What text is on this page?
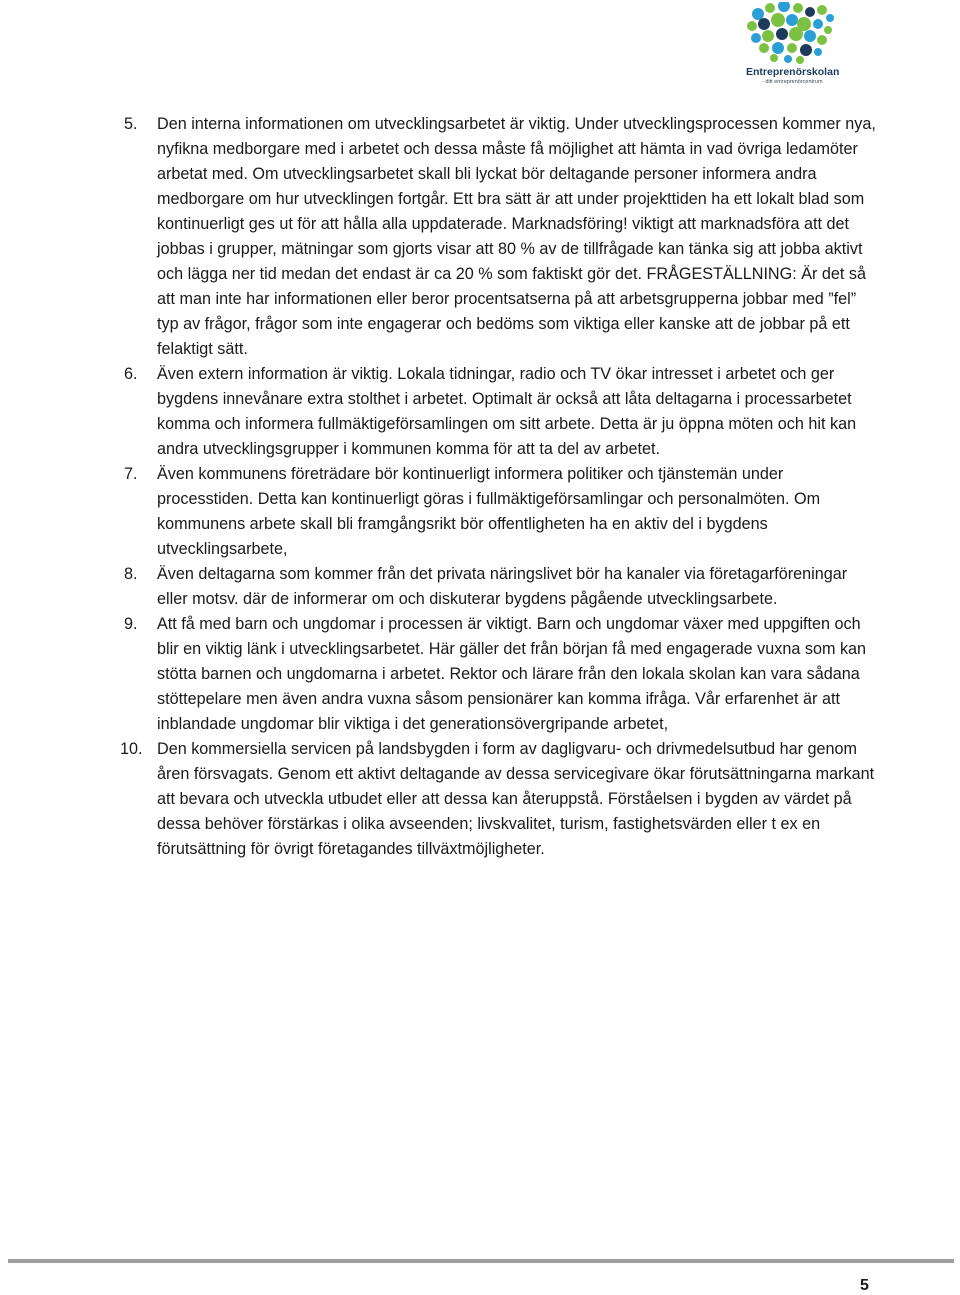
Entreprenörskolan
- ditt entreprenörcentrum
5. Den interna informationen om utvecklingsarbetet är viktig. Under utvecklingsprocessen kommer nya, nyfikna medborgare med i arbetet och dessa måste få möjlighet att hämta in vad övriga ledamöter arbetat med. Om utvecklingsarbetet skall bli lyckat bör deltagande personer informera andra medborgare om hur utvecklingen fortgår. Ett bra sätt är att under projekttiden ha ett lokalt blad som kontinuerligt ges ut för att hålla alla uppdaterade. Marknadsföring! viktigt att marknadsföra att det jobbas i grupper, mätningar som gjorts visar att 80 % av de tillfrågade kan tänka sig att jobba aktivt och lägga ner tid medan det endast är ca 20 % som faktiskt gör det. FRÅGESTÄLLNING: Är det så att man inte har informationen eller beror procentsatserna på att arbetsgrupperna jobbar med ”fel” typ av frågor, frågor som inte engagerar och bedöms som viktiga eller kanske att de jobbar på ett felaktigt sätt.
6. Även extern information är viktig. Lokala tidningar, radio och TV ökar intresset i arbetet och ger bygdens innevånare extra stolthet i arbetet. Optimalt är också att låta deltagarna i processarbetet komma och informera fullmäktigeförsamlingen om sitt arbete. Detta är ju öppna möten och hit kan andra utvecklingsgrupper i kommunen komma för att ta del av arbetet.
7. Även kommunens företrädare bör kontinuerligt informera politiker och tjänstemän under processtiden. Detta kan kontinuerligt göras i fullmäktigeförsamlingar och personalmöten. Om kommunens arbete skall bli framgångsrikt bör offentligheten ha en aktiv del i bygdens utvecklingsarbete,
8. Även deltagarna som kommer från det privata näringslivet bör ha kanaler via företagarföreningar eller motsv. där de informerar om och diskuterar bygdens pågående utvecklingsarbete.
9. Att få med barn och ungdomar i processen är viktigt. Barn och ungdomar växer med uppgiften och blir en viktig länk i utvecklingsarbetet. Här gäller det från början få med engagerade vuxna som kan stötta barnen och ungdomarna i arbetet. Rektor och lärare från den lokala skolan kan vara sådana stöttepelare men även andra vuxna såsom pensionärer kan komma ifråga. Vår erfarenhet är att inblandade ungdomar blir viktiga i det generationsövergripande arbetet,
10. Den kommersiella servicen på landsbygden i form av dagligvaru- och drivmedelsutbud har genom åren försvagats. Genom ett aktivt deltagande av dessa servicegivare ökar förutsättningarna markant att bevara och utveckla utbudet eller att dessa kan återuppstå. Förståelsen i bygden av värdet på dessa behöver förstärkas i olika avseenden; livskvalitet, turism, fastighetsvärden eller t ex en förutsättning för övrigt företagandes tillväxtmöjligheter.
5
